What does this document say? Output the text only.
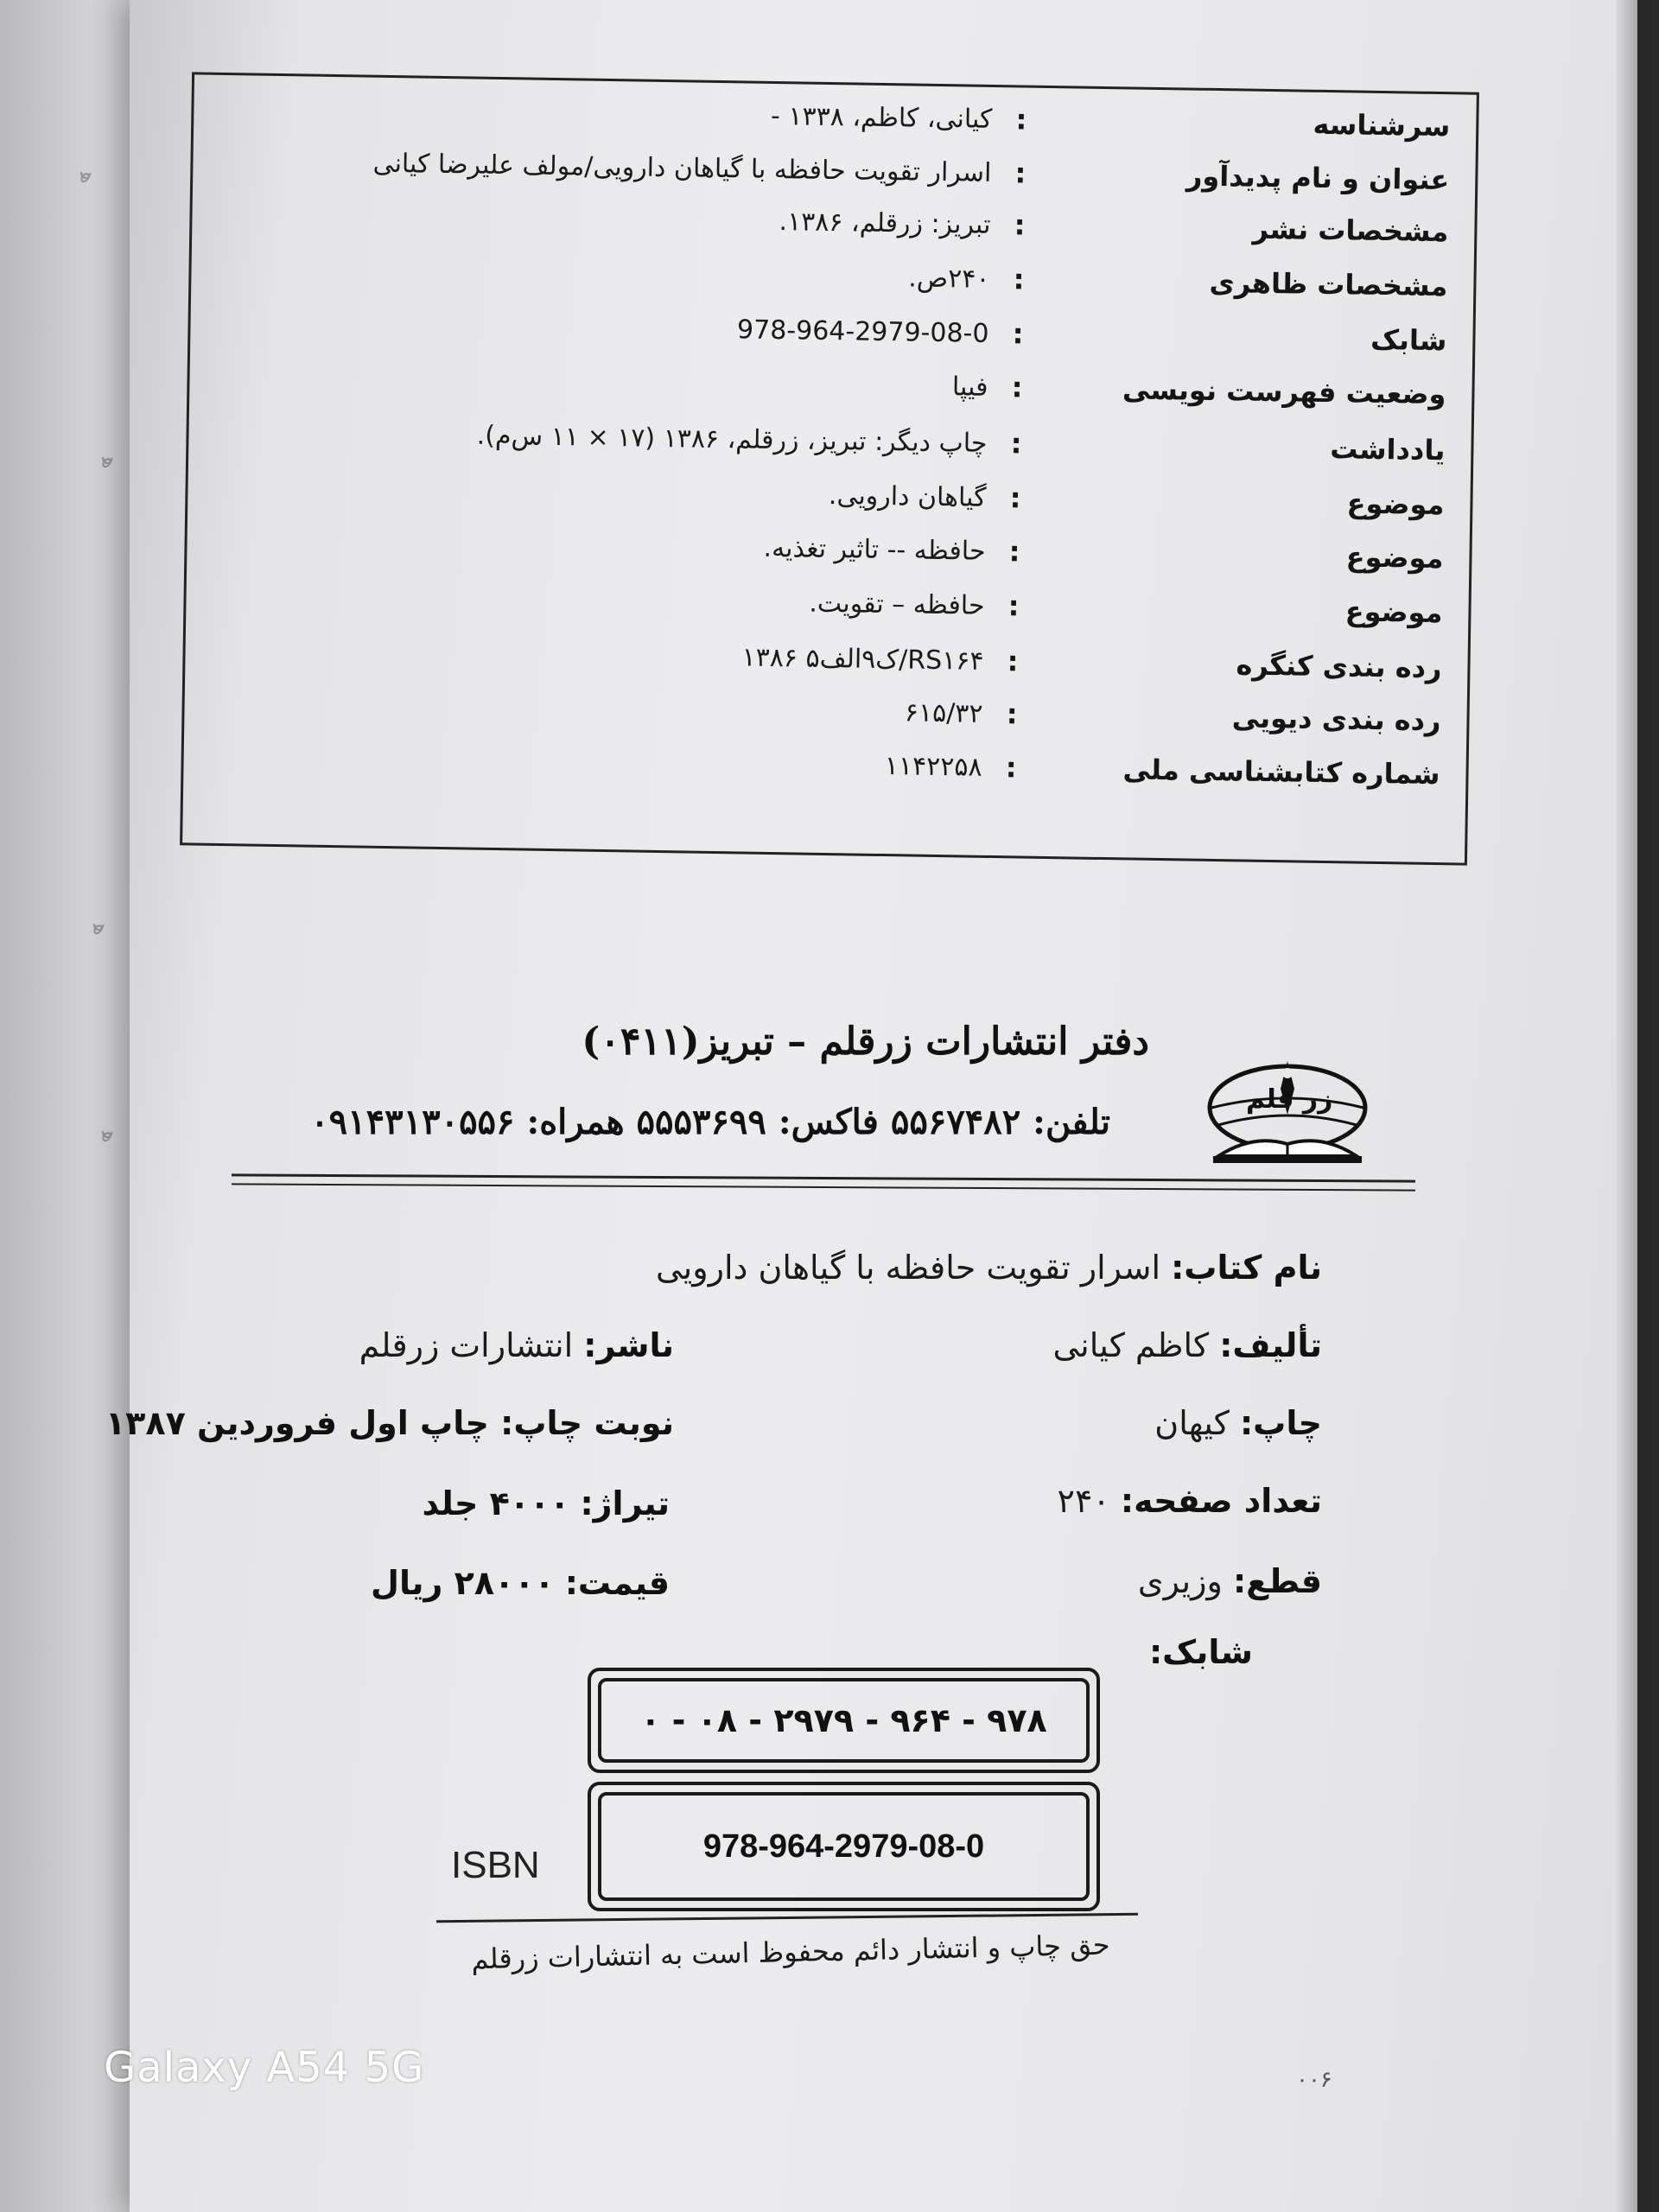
ﻫ
ﻫ
ﻫ
ﻫ
سرشناسه
:
کیانی، کاظم، ۱۳۳۸ -
عنوان و نام پدیدآور
:
اسرار تقویت حافظه با گیاهان دارویی/مولف علیرضا کیانی
مشخصات نشر
:
تبریز: زرقلم، ۱۳۸۶.
مشخصات ظاهری
:
۲۴۰ص.
شابک
:
978-964-2979-08-0
وضعیت فهرست نویسی
:
فیپا
یادداشت
:
چاپ دیگر: تبریز، زرقلم، ۱۳۸۶ (۱۷ × ۱۱ س‌م).
موضوع
:
گیاهان دارویی.
موضوع
:
حافظه -- تاثیر تغذیه.
موضوع
:
حافظه – تقویت.
رده بندی کنگره
:
RS۱۶۴/ک۹الف۵ ۱۳۸۶
رده بندی دیویی
:
۶۱۵/۳۲
شماره کتابشناسی ملی
:
۱۱۴۲۲۵۸
دفتر انتشارات زرقلم – تبریز(۰۴۱۱)
تلفن: ۵۵۶۷۴۸۲ فاکس: ۵۵۵۳۶۹۹ همراه: ۰۹۱۴۳۱۳۰۵۵۶
زر قلم
نام کتاب: اسرار تقویت حافظه با گیاهان دارویی
تألیف: کاظم کیانی
ناشر: انتشارات زرقلم
چاپ: کیهان
نوبت چاپ: چاپ اول فروردین ۱۳۸۷
تعداد صفحه: ۲۴۰
تیراژ: ۴۰۰۰ جلد
قطع: وزیری
قیمت: ۲۸۰۰۰ ریال
شابک:
۹۷۸ - ۹۶۴ - ۲۹۷۹ - ۰۸ - ۰
978-964-2979-08-0
ISBN
حق چاپ و انتشار دائم محفوظ است به انتشارات زرقلم
۰۰۶
Galaxy A54 5G
